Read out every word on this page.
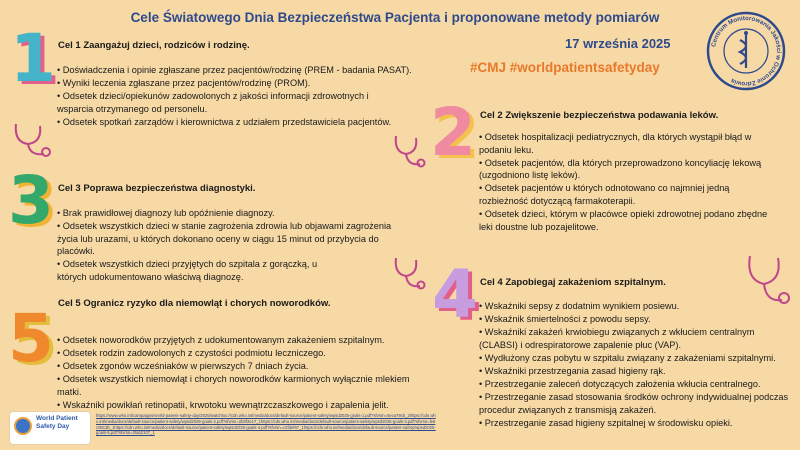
Cele Światowego Dnia Bezpieczeństwa Pacjenta i proponowane metody pomiarów
17 września 2025
#CMJ #worldpatientsafetyday
Centrum Monitorowania Jakości w Ochronie Zdrowia
1
2
3
4
5
Cel 1 Zaangażuj dzieci, rodziców i rodzinę.
• Doświadczenia i opinie zgłaszane przez pacjentów/rodzinę (PREM - badania PASAT).
• Wyniki leczenia zgłaszane przez pacjentów/rodzinę (PROM).
• Odsetek dzieci/opiekunów zadowolonych z jakości informacji zdrowotnych i wsparcia otrzymanego od personelu.
• Odsetek spotkań zarządów i kierownictwa z udziałem przedstawiciela pacjentów.
Cel 2 Zwiększenie bezpieczeństwa podawania leków.
• Odsetek hospitalizacji pediatrycznych, dla których wystąpił błąd w podaniu leku.
• Odsetek pacjentów, dla których przeprowadzono koncyliację lekową (uzgodniono listę leków).
• Odsetek pacjentów u których odnotowano co najmniej jedną rozbieżność dotyczącą farmakoterapii.
• Odsetek dzieci, którym w placówce opieki zdrowotnej podano zbędne leki doustne lub pozajelitowe.
Cel 3 Poprawa bezpieczeństwa diagnostyki.
• Brak prawidłowej diagnozy lub opóźnienie diagnozy.
• Odsetek wszystkich dzieci w stanie zagrożenia zdrowia lub objawami zagrożenia życia lub urazami, u których dokonano oceny w ciągu 15 minut od przybycia do placówki.
• Odsetek wszystkich dzieci przyjętych do szpitala z gorączką, u których udokumentowano właściwą diagnozę.
Cel 4 Zapobiegaj zakażeniom szpitalnym.
• Wskaźniki sepsy z dodatnim wynikiem posiewu.
• Wskaźnik śmiertelności z powodu sepsy.
• Wskaźniki zakażeń krwiobiegu związanych z wkłuciem centralnym (CLABSI) i odrespiratorowe zapalenie płuc (VAP).
• Wydłużony czas pobytu w szpitalu związany z zakażeniami szpitalnymi.
• Wskaźniki przestrzegania zasad higieny rąk.
• Przestrzeganie zaleceń dotyczących założenia wkłucia centralnego.
• Przestrzeganie zasad stosowania środków ochrony indywidualnej podczas procedur związanych z transmisją zakażeń.
• Przestrzeganie zasad higieny szpitalnej w środowisku opieki.
Cel 5 Ogranicz ryzyko dla niemowląt i chorych noworodków.
• Odsetek noworodków przyjętych z udokumentowanym zakażeniem szpitalnym.
• Odsetek rodzin zadowolonych z czystości podmiotu leczniczego.
• Odsetek zgonów wcześniaków w pierwszych 7 dniach życia.
• Odsetek wszystkich niemowląt i chorych noworodków karmionych wyłącznie mlekiem matki.
• Wskaźniki powikłań retinopatii, krwotoku wewnątrzczaszkowego i zapalenia jelit.
World Patient Safety Day
https://www.who.int/campaigns/world-patient-safety-day/2025/watchtoo://cdn.who.int/media/docs/default-source/patient-safety/wpsd2025-goals-1.pdf?sfvrsn=5eca79cb_2https://cdn.who.int/media/docs/default-source/patient-safety/wpsd2025-goals-2.pdf?sfvrsn=2b0f2e17_1https://cdn.who.int/media/docs/default-source/patient-safety/wpsd2025-goals-3.pdf?sfvrsn=fe6c0813b_1https://cdn.who.int/media/docs/default-source/patient-safety/wpsd2025-goals-4.pdf?sfvrsn=c2fdef67_1https://cdn.who.int/media/docs/default-source/patient-safety/wpsd2025-goals-5.pdf?sfvrsn=2fab2107_1
